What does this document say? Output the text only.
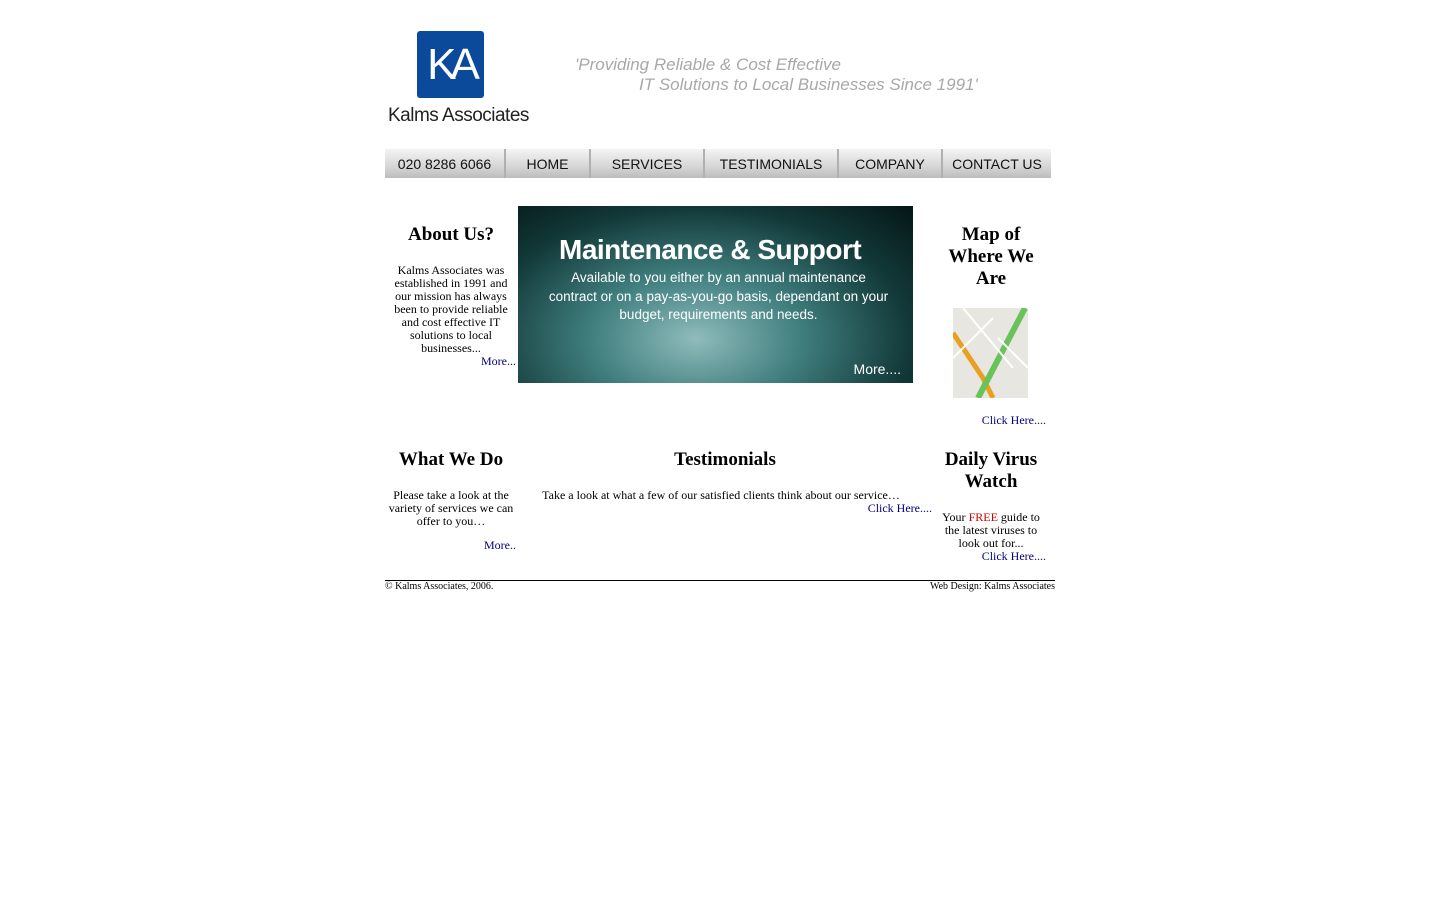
KA
Kalms Associates
'Providing Reliable & Cost Effective
IT Solutions to Local Businesses Since 1991'
020 8286 6066	HOME	SERVICES	TESTIMONIALS	COMPANY	CONTACT US
About Us?
Kalms Associates was established in 1991 and our mission has always been to provide reliable and cost effective IT solutions to local businesses...
More...
Maintenance & Support
Available to you either by an annual maintenance contract or on a pay-as-you-go basis, dependant on your budget, requirements and needs.
More....
Map of Where We Are
Click Here....
What We Do
Please take a look at the variety of services we can offer to you…
More..
Testimonials
Take a look at what a few of our satisfied clients think about our service…
Click Here....
Daily Virus Watch
Your FREE guide to the latest viruses to look out for...
Click Here....
© Kalms Associates, 2006.	Web Design: Kalms Associates
